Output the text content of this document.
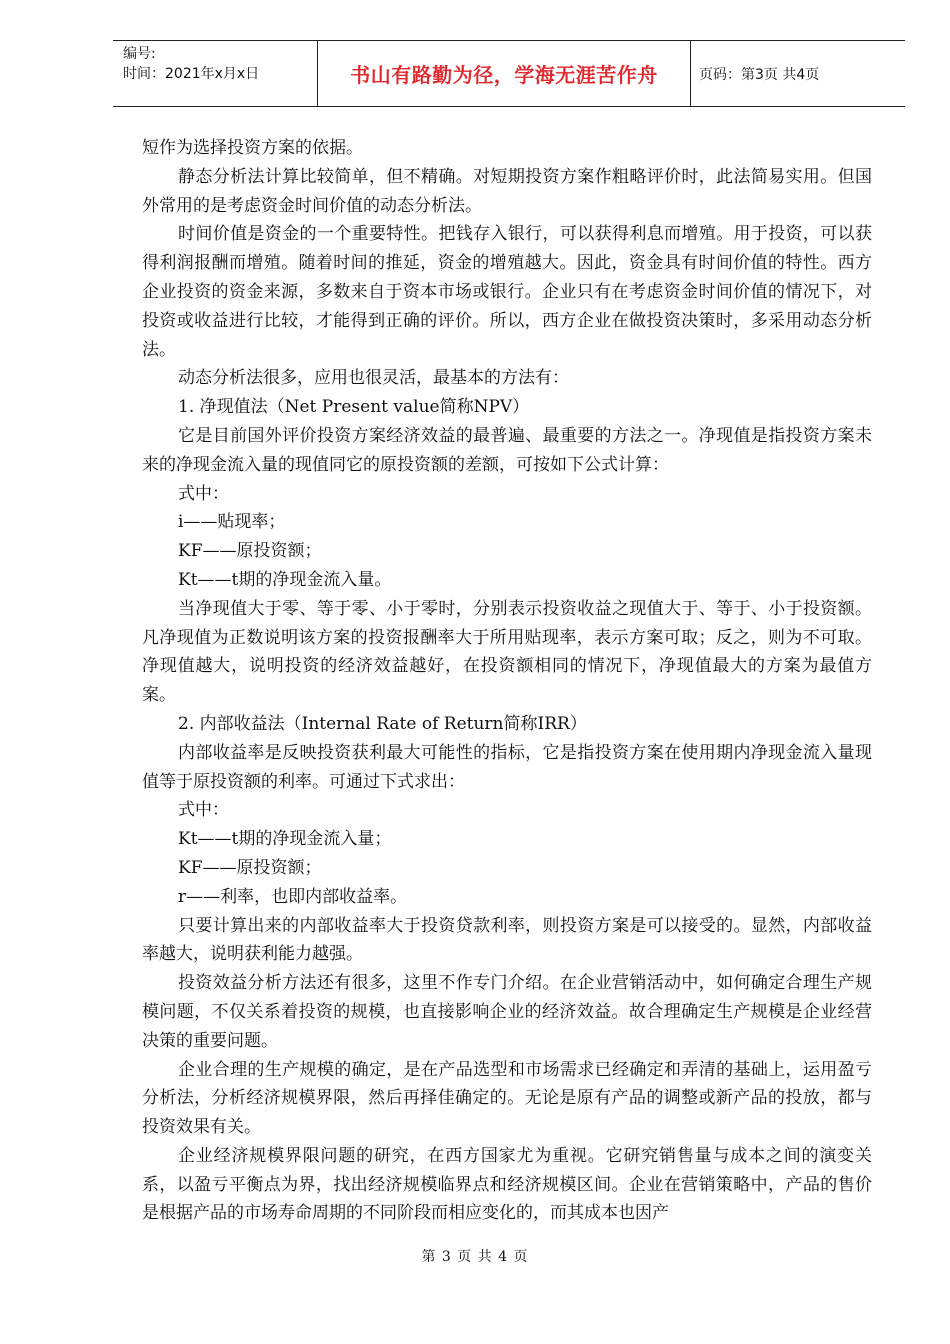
编号:
时间：2021年x月x日	书山有路勤为径，学海无涯苦作舟	页码：第3页 共4页

短作为选择投资方案的依据。

静态分析法计算比较简单，但不精确。对短期投资方案作粗略评价时，此法简易实用。但国外常用的是考虑资金时间价值的动态分析法。

时间价值是资金的一个重要特性。把钱存入银行，可以获得利息而增殖。用于投资，可以获得利润报酬而增殖。随着时间的推延，资金的增殖越大。因此，资金具有时间价值的特性。西方企业投资的资金来源，多数来自于资本市场或银行。企业只有在考虑资金时间价值的情况下，对投资或收益进行比较，才能得到正确的评价。所以，西方企业在做投资决策时，多采用动态分析法。

动态分析法很多，应用也很灵活，最基本的方法有：

1. 净现值法（Net Present value简称NPV）

它是目前国外评价投资方案经济效益的最普遍、最重要的方法之一。净现值是指投资方案未来的净现金流入量的现值同它的原投资额的差额，可按如下公式计算：

式中：

i——贴现率；

KF——原投资额；

Kt——t期的净现金流入量。

当净现值大于零、等于零、小于零时，分别表示投资收益之现值大于、等于、小于投资额。凡净现值为正数说明该方案的投资报酬率大于所用贴现率，表示方案可取；反之，则为不可取。净现值越大，说明投资的经济效益越好，在投资额相同的情况下，净现值最大的方案为最值方案。

2. 内部收益法（Internal Rate of Return简称IRR）

内部收益率是反映投资获利最大可能性的指标，它是指投资方案在使用期内净现金流入量现值等于原投资额的利率。可通过下式求出：

式中：

Kt——t期的净现金流入量；

KF——原投资额；

r——利率，也即内部收益率。

只要计算出来的内部收益率大于投资贷款利率，则投资方案是可以接受的。显然，内部收益率越大，说明获利能力越强。

投资效益分析方法还有很多，这里不作专门介绍。在企业营销活动中，如何确定合理生产规模问题，不仅关系着投资的规模，也直接影响企业的经济效益。故合理确定生产规模是企业经营决策的重要问题。

企业合理的生产规模的确定，是在产品选型和市场需求已经确定和弄清的基础上，运用盈亏分析法，分析经济规模界限，然后再择佳确定的。无论是原有产品的调整或新产品的投放，都与投资效果有关。

企业经济规模界限问题的研究，在西方国家尤为重视。它研究销售量与成本之间的演变关系，以盈亏平衡点为界，找出经济规模临界点和经济规模区间。企业在营销策略中，产品的售价是根据产品的市场寿命周期的不同阶段而相应变化的，而其成本也因产

第 3 页 共 4 页
